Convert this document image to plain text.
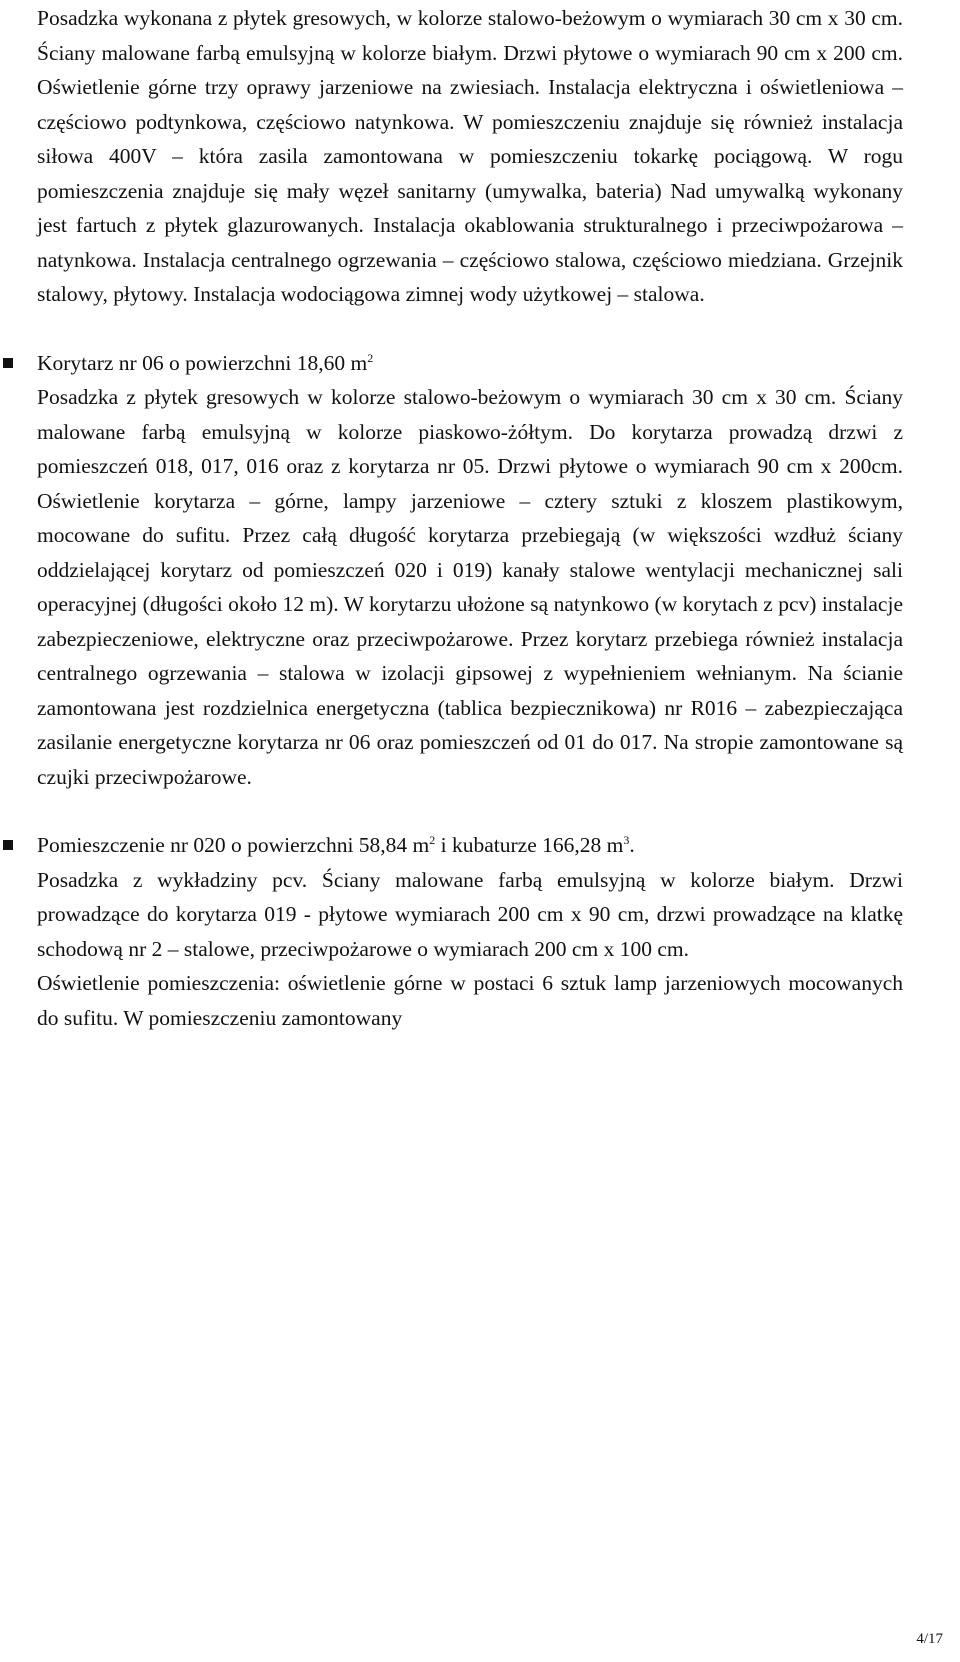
Posadzka wykonana z płytek gresowych, w kolorze stalowo-beżowym o wymiarach 30 cm x 30 cm. Ściany malowane farbą emulsyjną w kolorze białym. Drzwi płytowe o wymiarach 90 cm x 200 cm. Oświetlenie górne trzy oprawy jarzeniowe na zwiesiach. Instalacja elektryczna i oświetleniowa – częściowo podtynkowa, częściowo natynkowa. W pomieszczeniu znajduje się również instalacja siłowa 400V – która zasila zamontowana w pomieszczeniu tokarkę pociągową. W rogu pomieszczenia znajduje się mały węzeł sanitarny (umywalka, bateria) Nad umywalką wykonany jest fartuch z płytek glazurowanych. Instalacja okablowania strukturalnego i przeciwpożarowa – natynkowa. Instalacja centralnego ogrzewania – częściowo stalowa, częściowo miedziana. Grzejnik stalowy, płytowy. Instalacja wodociągowa zimnej wody użytkowej – stalowa.

Korytarz nr 06 o powierzchni 18,60 $m^2$

Posadzka z płytek gresowych w kolorze stalowo-beżowym o wymiarach 30 cm x 30 cm. Ściany malowane farbą emulsyjną w kolorze piaskowo-żółtym. Do korytarza prowadzą drzwi z pomieszczeń 018, 017, 016 oraz z korytarza nr 05. Drzwi płytowe o wymiarach 90 cm x 200cm. Oświetlenie korytarza – górne, lampy jarzeniowe – cztery sztuki z kloszem plastikowym, mocowane do sufitu. Przez całą długość korytarza przebiegają (w większości wzdłuż ściany oddzielającej korytarz od pomieszczeń 020 i 019) kanały stalowe wentylacji mechanicznej sali operacyjnej (długości około 12 m). W korytarzu ułożone są natynkowo (w korytach z pcv) instalacje zabezpieczeniowe, elektryczne oraz przeciwpożarowe. Przez korytarz przebiega również instalacja centralnego ogrzewania – stalowa w izolacji gipsowej z wypełnieniem wełnianym. Na ścianie zamontowana jest rozdzielnica energetyczna (tablica bezpiecznikowa) nr R016 – zabezpieczająca zasilanie energetyczne korytarza nr 06 oraz pomieszczeń od 01 do 017. Na stropie zamontowane są czujki przeciwpożarowe.

Pomieszczenie nr 020 o powierzchni 58,84 $m^2$ i kubaturze 166,28 $m^3$.

Posadzka z wykładziny pcv. Ściany malowane farbą emulsyjną w kolorze białym. Drzwi prowadzące do korytarza 019 - płytowe wymiarach 200 cm x 90 cm, drzwi prowadzące na klatkę schodową nr 2 – stalowe, przeciwpożarowe o wymiarach 200 cm x 100 cm.

Oświetlenie pomieszczenia: oświetlenie górne w postaci 6 sztuk lamp jarzeniowych mocowanych do sufitu. W pomieszczeniu zamontowany

4/17
